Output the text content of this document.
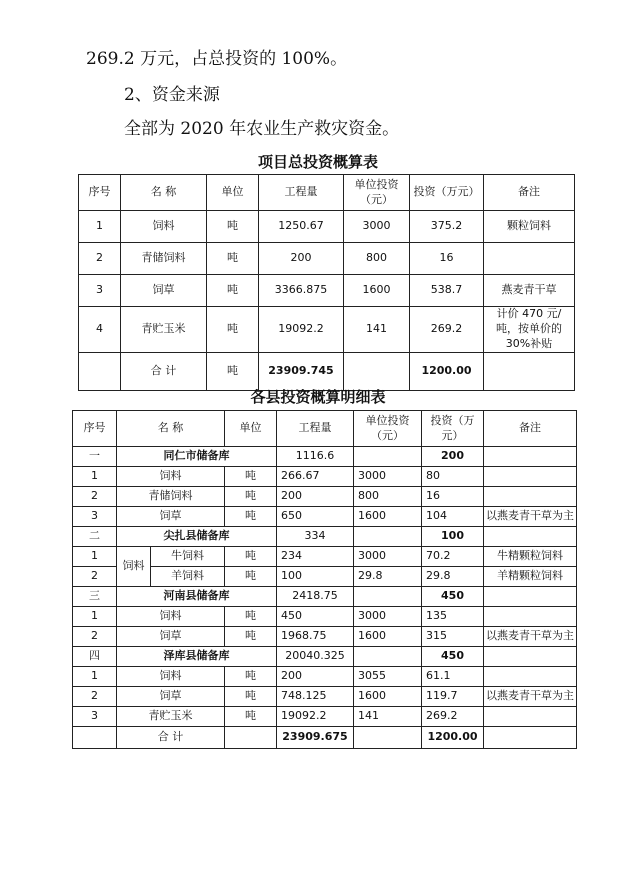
269.2 万元，占总投资的 100%。
2、资金来源
全部为 2020 年农业生产救灾资金。
项目总投资概算表
序号	名 称	单位	工程量	单位投资（元）	投资（万元）	备注
1	饲料	吨	1250.67	3000	375.2	颗粒饲料
2	青储饲料	吨	200	800	16	
3	饲草	吨	3366.875	1600	538.7	燕麦青干草
4	青贮玉米	吨	19092.2	141	269.2	计价 470 元/吨，按单价的 30%补贴
	合 计	吨	23909.745		1200.00	
各县投资概算明细表
序号	名 称		单位	工程量	单位投资（元）	投资（万元）	备注
一	同仁市储备库			1116.6		200	
1	饲料		吨	266.67	3000	80	
2	青储饲料		吨	200	800	16	
3	饲草		吨	650	1600	104	以燕麦青干草为主
二	尖扎县储备库			334		100	
1	饲料	牛饲料	吨	234	3000	70.2	牛精颗粒饲料
2		羊饲料	吨	100	29.8	29.8	羊精颗粒饲料
三	河南县储备库			2418.75		450	
1	饲料		吨	450	3000	135	
2	饲草		吨	1968.75	1600	315	以燕麦青干草为主
四	泽库县储备库			20040.325		450	
1	饲料		吨	200	3055	61.1	
2	饲草		吨	748.125	1600	119.7	以燕麦青干草为主
3	青贮玉米		吨	19092.2	141	269.2	
	合 计			23909.675		1200.00	
